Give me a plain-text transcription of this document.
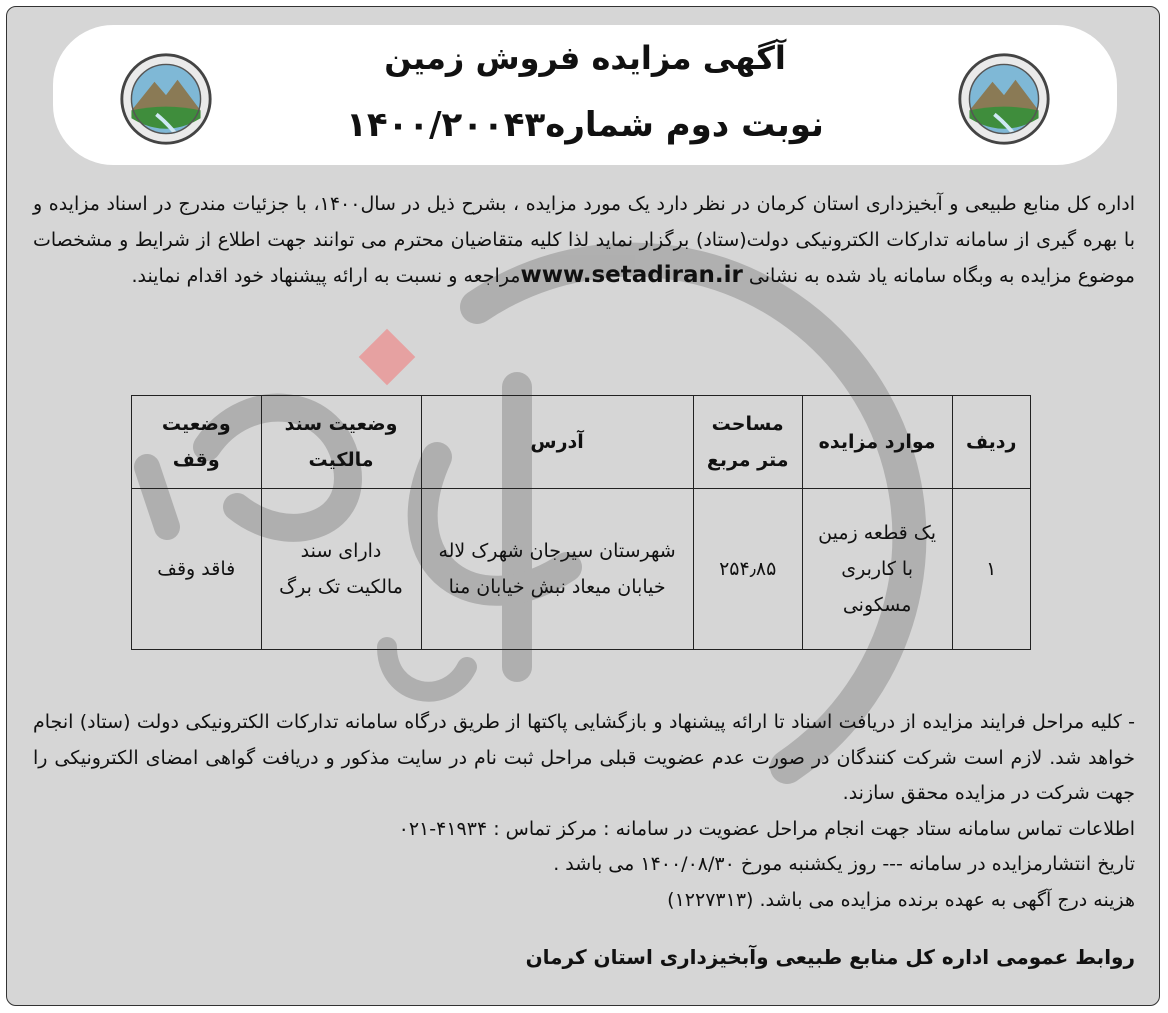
آگهی مزایده فروش زمین
نوبت دوم شماره۱۴۰۰/۲۰۰۴۳

اداره کل منابع طبیعی و آبخیزداری استان کرمان در نظر دارد یک مورد مزایده ، بشرح ذیل در سال۱۴۰۰، با جزئیات مندرج در اسناد مزایده و با بهره گیری از سامانه تدارکات الکترونیکی دولت(ستاد) برگزار نماید لذا کلیه متقاضیان محترم می توانند جهت اطلاع از شرایط و مشخصات موضوع مزایده به وبگاه سامانه یاد شده به نشانی www.setadiran.irمراجعه و نسبت به ارائه پیشنهاد خود اقدام نمایند.

ردیف	موارد مزایده	مساحت متر مربع	آدرس	وضعیت سند مالکیت	وضعیت وقف
۱	یک قطعه زمین با کاربری مسکونی	۲۵۴٫۸۵	شهرستان سیرجان شهرک لاله خیابان میعاد نبش خیابان منا	دارای سند مالکیت تک برگ	فاقد وقف

- کلیه مراحل فرایند مزایده از دریافت اسناد تا ارائه پیشنهاد و بازگشایی پاکتها از طریق درگاه سامانه تدارکات الکترونیکی دولت (ستاد) انجام خواهد شد. لازم است شرکت کنندگان در صورت عدم عضویت قبلی مراحل ثبت نام در سایت مذکور و دریافت گواهی امضای الکترونیکی را جهت شرکت در مزایده محقق سازند.

اطلاعات تماس سامانه ستاد جهت انجام مراحل عضویت در سامانه : مرکز تماس : ۴۱۹۳۴-۰۲۱

تاریخ انتشارمزایده در سامانه --- روز یکشنبه مورخ ۱۴۰۰/۰۸/۳۰ می باشد .

هزینه درج آگهی به عهده برنده مزایده می باشد. (۱۲۲۷۳۱۳)

روابط عمومی اداره کل منابع طبیعی وآبخیزداری استان کرمان
